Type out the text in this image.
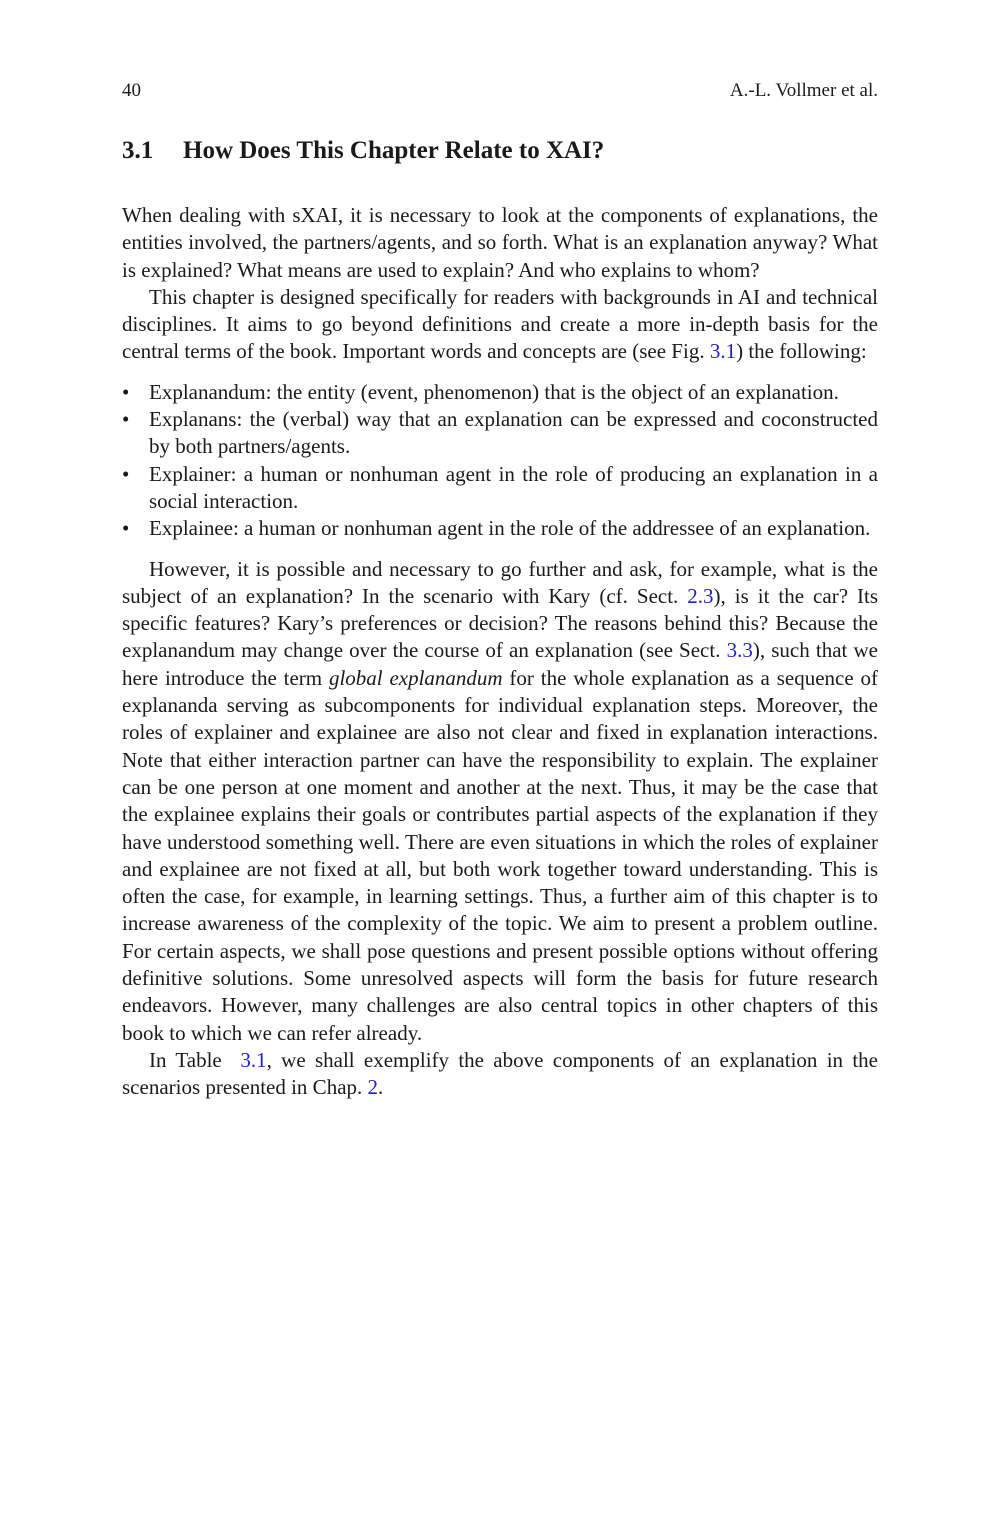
40	A.-L. Vollmer et al.
3.1 How Does This Chapter Relate to XAI?

When dealing with sXAI, it is necessary to look at the components of explanations, the entities involved, the partners/agents, and so forth. What is an explanation anyway? What is explained? What means are used to explain? And who explains to whom?

This chapter is designed specifically for readers with backgrounds in AI and technical disciplines. It aims to go beyond definitions and create a more in-depth basis for the central terms of the book. Important words and concepts are (see Fig. 3.1) the following:

• Explanandum: the entity (event, phenomenon) that is the object of an explanation.
• Explanans: the (verbal) way that an explanation can be expressed and coconstructed by both partners/agents.
• Explainer: a human or nonhuman agent in the role of producing an explanation in a social interaction.
• Explainee: a human or nonhuman agent in the role of the addressee of an explanation.

However, it is possible and necessary to go further and ask, for example, what is the subject of an explanation? In the scenario with Kary (cf. Sect. 2.3), is it the car? Its specific features? Kary’s preferences or decision? The reasons behind this? Because the explanandum may change over the course of an explanation (see Sect. 3.3), such that we here introduce the term global explanandum for the whole explanation as a sequence of explananda serving as subcomponents for individual explanation steps. Moreover, the roles of explainer and explainee are also not clear and fixed in explanation interactions. Note that either interaction partner can have the responsibility to explain. The explainer can be one person at one moment and another at the next. Thus, it may be the case that the explainee explains their goals or contributes partial aspects of the explanation if they have understood something well. There are even situations in which the roles of explainer and explainee are not fixed at all, but both work together toward understanding. This is often the case, for example, in learning settings. Thus, a further aim of this chapter is to increase awareness of the complexity of the topic. We aim to present a problem outline. For certain aspects, we shall pose questions and present possible options without offering definitive solutions. Some unresolved aspects will form the basis for future research endeavors. However, many challenges are also central topics in other chapters of this book to which we can refer already.

In Table  3.1, we shall exemplify the above components of an explanation in the scenarios presented in Chap. 2.
